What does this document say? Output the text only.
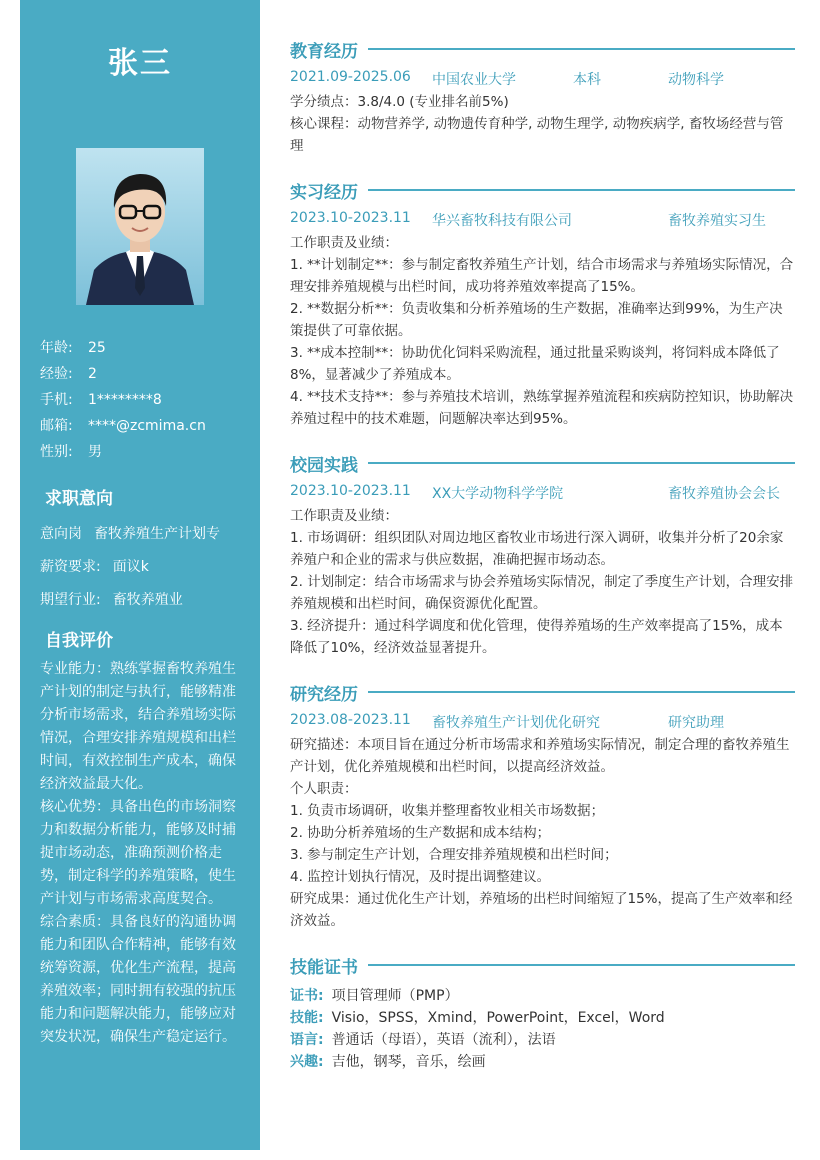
张三
年龄: 25
经验: 2
手机: 1********8
邮箱: ****@zcmima.cn
性别: 男
求职意向
意向岗 畜牧养殖生产计划专
薪资要求: 面议k
期望行业: 畜牧养殖业
自我评价

专业能力：熟练掌握畜牧养殖生产计划的制定与执行，能够精准分析市场需求，结合养殖场实际情况，合理安排养殖规模和出栏时间，有效控制生产成本，确保经济效益最大化。

核心优势：具备出色的市场洞察力和数据分析能力，能够及时捕捉市场动态，准确预测价格走势，制定科学的养殖策略，使生产计划与市场需求高度契合。

综合素质：具备良好的沟通协调能力和团队合作精神，能够有效统筹资源，优化生产流程，提高养殖效率；同时拥有较强的抗压能力和问题解决能力，能够应对突发状况，确保生产稳定运行。

教育经历
2021.09-2025.06 中国农业大学	本科	动物科学

学分绩点：3.8/4.0 (专业排名前5%)

核心课程：动物营养学, 动物遗传育种学, 动物生理学, 动物疾病学, 畜牧场经营与管理

实习经历
2023.10-2023.11 华兴畜牧科技有限公司	畜牧养殖实习生

工作职责及业绩：

1. **计划制定**：参与制定畜牧养殖生产计划，结合市场需求与养殖场实际情况，合理安排养殖规模与出栏时间，成功将养殖效率提高了15%。

2. **数据分析**：负责收集和分析养殖场的生产数据，准确率达到99%，为生产决策提供了可靠依据。

3. **成本控制**：协助优化饲料采购流程，通过批量采购谈判，将饲料成本降低了8%，显著减少了养殖成本。

4. **技术支持**：参与养殖技术培训，熟练掌握养殖流程和疾病防控知识，协助解决养殖过程中的技术难题，问题解决率达到95%。

校园实践
2023.10-2023.11 XX大学动物科学学院	畜牧养殖协会会长

工作职责及业绩：

1. 市场调研：组织团队对周边地区畜牧业市场进行深入调研，收集并分析了20余家养殖户和企业的需求与供应数据，准确把握市场动态。

2. 计划制定：结合市场需求与协会养殖场实际情况，制定了季度生产计划，合理安排养殖规模和出栏时间，确保资源优化配置。

3. 经济提升：通过科学调度和优化管理，使得养殖场的生产效率提高了15%，成本降低了10%，经济效益显著提升。

研究经历
2023.08-2023.11 畜牧养殖生产计划优化研究	研究助理

研究描述：本项目旨在通过分析市场需求和养殖场实际情况，制定合理的畜牧养殖生产计划，优化养殖规模和出栏时间，以提高经济效益。

个人职责：

1. 负责市场调研，收集并整理畜牧业相关市场数据；

2. 协助分析养殖场的生产数据和成本结构；

3. 参与制定生产计划，合理安排养殖规模和出栏时间；

4. 监控计划执行情况，及时提出调整建议。

研究成果：通过优化生产计划，养殖场的出栏时间缩短了15%，提高了生产效率和经济效益。

技能证书
证书: 项目管理师（PMP）
技能: Visio，SPSS，Xmind，PowerPoint，Excel，Word
语言: 普通话（母语），英语（流利），法语
兴趣: 吉他，钢琴，音乐，绘画
